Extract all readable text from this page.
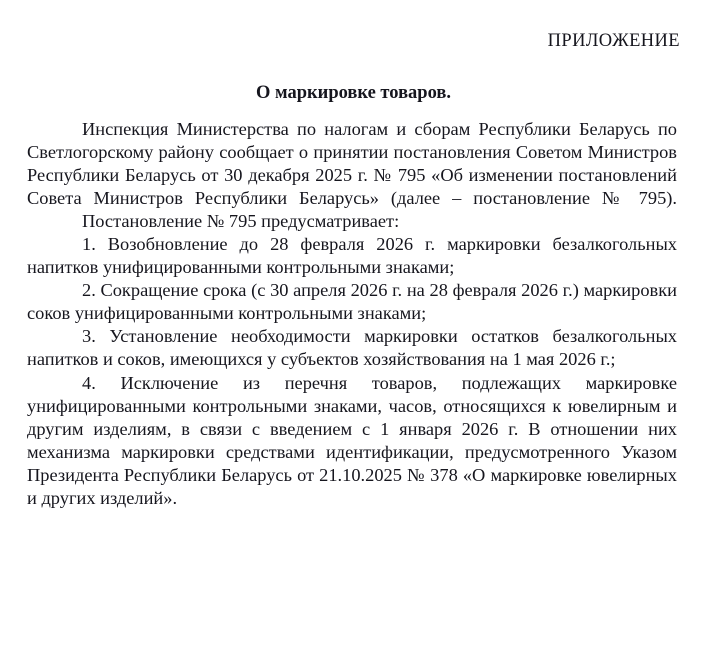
ПРИЛОЖЕНИЕ
О маркировке товаров.

Инспекция Министерства по налогам и сборам Республики Беларусь по Светлогорскому району сообщает о принятии постановления Советом Министров Республики Беларусь от 30 декабря 2025 г. № 795 «Об изменении постановлений Совета Министров Республики Беларусь» (далее – постановление № 795).

Постановление № 795 предусматривает:

1. Возобновление до 28 февраля 2026 г. маркировки безалкогольных напитков унифицированными контрольными знаками;

2. Сокращение срока (с 30 апреля 2026 г. на 28 февраля 2026 г.) маркировки соков унифицированными контрольными знаками;

3. Установление необходимости маркировки остатков безалкогольных напитков и соков, имеющихся у субъектов хозяйствования на 1 мая 2026 г.;

4. Исключение из перечня товаров, подлежащих маркировке унифицированными контрольными знаками, часов, относящихся к ювелирным и другим изделиям, в связи с введением с 1 января 2026 г. В отношении них механизма маркировки средствами идентификации, предусмотренного Указом Президента Республики Беларусь от 21.10.2025 № 378 «О маркировке ювелирных и других изделий».
